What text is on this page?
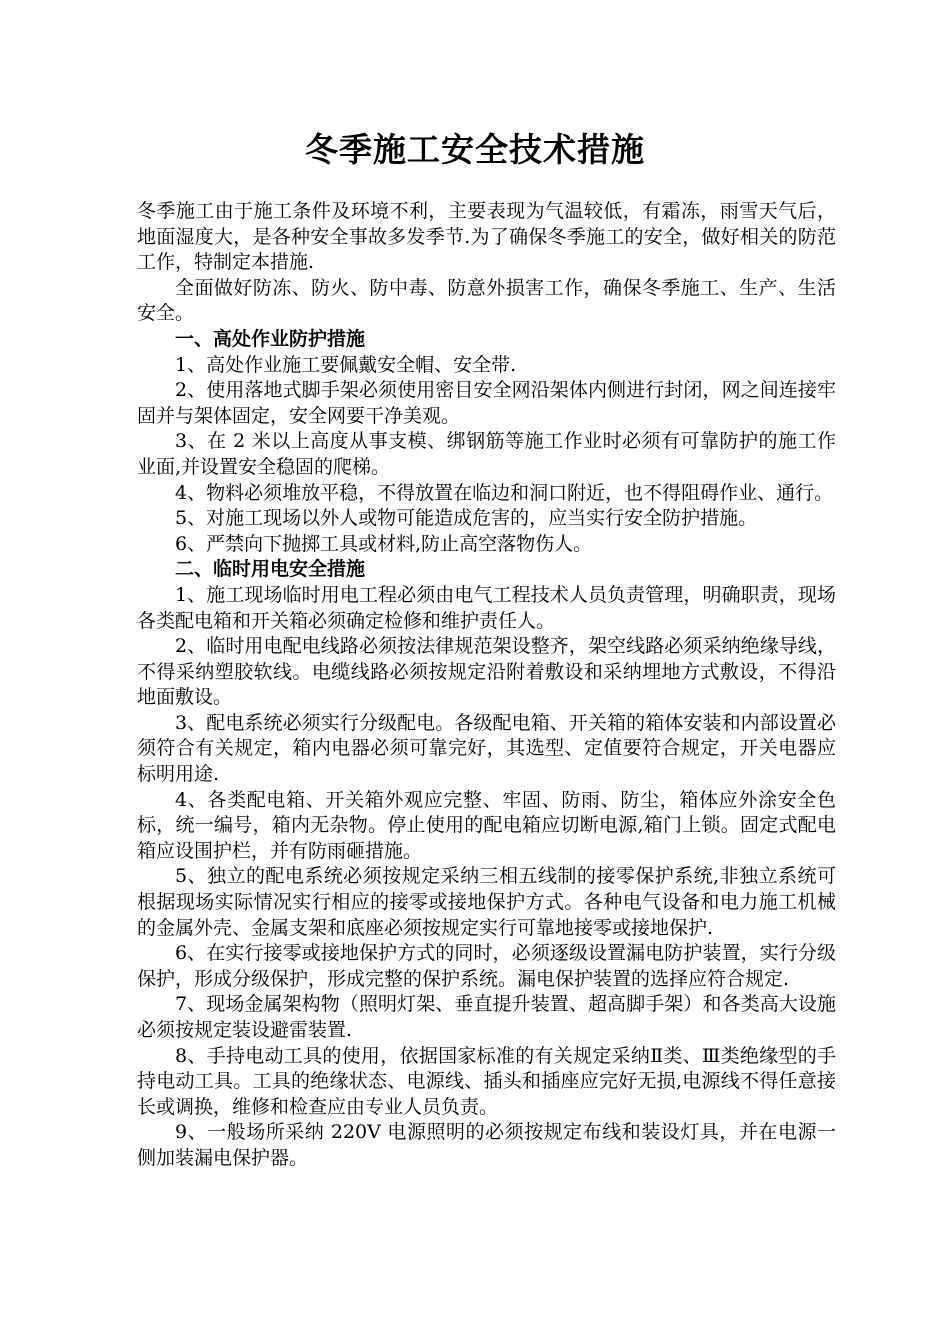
冬季施工安全技术措施

冬季施工由于施工条件及环境不利，主要表现为气温较低，有霜冻，雨雪天气后，地面湿度大，是各种安全事故多发季节.为了确保冬季施工的安全，做好相关的防范工作，特制定本措施.

全面做好防冻、防火、防中毒、防意外损害工作，确保冬季施工、生产、生活安全。

一、高处作业防护措施

1、高处作业施工要佩戴安全帽、安全带.

2、使用落地式脚手架必须使用密目安全网沿架体内侧进行封闭，网之间连接牢固并与架体固定，安全网要干净美观。

3、在 2 米以上高度从事支模、绑钢筋等施工作业时必须有可靠防护的施工作业面,并设置安全稳固的爬梯。

4、物料必须堆放平稳，不得放置在临边和洞口附近，也不得阻碍作业、通行。

5、对施工现场以外人或物可能造成危害的，应当实行安全防护措施。

6、严禁向下抛掷工具或材料,防止高空落物伤人。

二、临时用电安全措施

1、施工现场临时用电工程必须由电气工程技术人员负责管理，明确职责，现场各类配电箱和开关箱必须确定检修和维护责任人。

2、临时用电配电线路必须按法律规范架设整齐，架空线路必须采纳绝缘导线，不得采纳塑胶软线。电缆线路必须按规定沿附着敷设和采纳埋地方式敷设，不得沿地面敷设。

3、配电系统必须实行分级配电。各级配电箱、开关箱的箱体安装和内部设置必须符合有关规定，箱内电器必须可靠完好，其选型、定值要符合规定，开关电器应标明用途.

4、各类配电箱、开关箱外观应完整、牢固、防雨、防尘，箱体应外涂安全色标，统一编号，箱内无杂物。停止使用的配电箱应切断电源,箱门上锁。固定式配电箱应设围护栏，并有防雨砸措施。

5、独立的配电系统必须按规定采纳三相五线制的接零保护系统,非独立系统可根据现场实际情况实行相应的接零或接地保护方式。各种电气设备和电力施工机械的金属外壳、金属支架和底座必须按规定实行可靠地接零或接地保护.

6、在实行接零或接地保护方式的同时，必须逐级设置漏电防护装置，实行分级保护，形成分级保护，形成完整的保护系统。漏电保护装置的选择应符合规定.

7、现场金属架构物（照明灯架、垂直提升装置、超高脚手架）和各类高大设施必须按规定装设避雷装置.

8、手持电动工具的使用，依据国家标准的有关规定采纳Ⅱ类、Ⅲ类绝缘型的手持电动工具。工具的绝缘状态、电源线、插头和插座应完好无损,电源线不得任意接长或调换，维修和检查应由专业人员负责。

9、一般场所采纳 220V 电源照明的必须按规定布线和装设灯具，并在电源一侧加装漏电保护器。
